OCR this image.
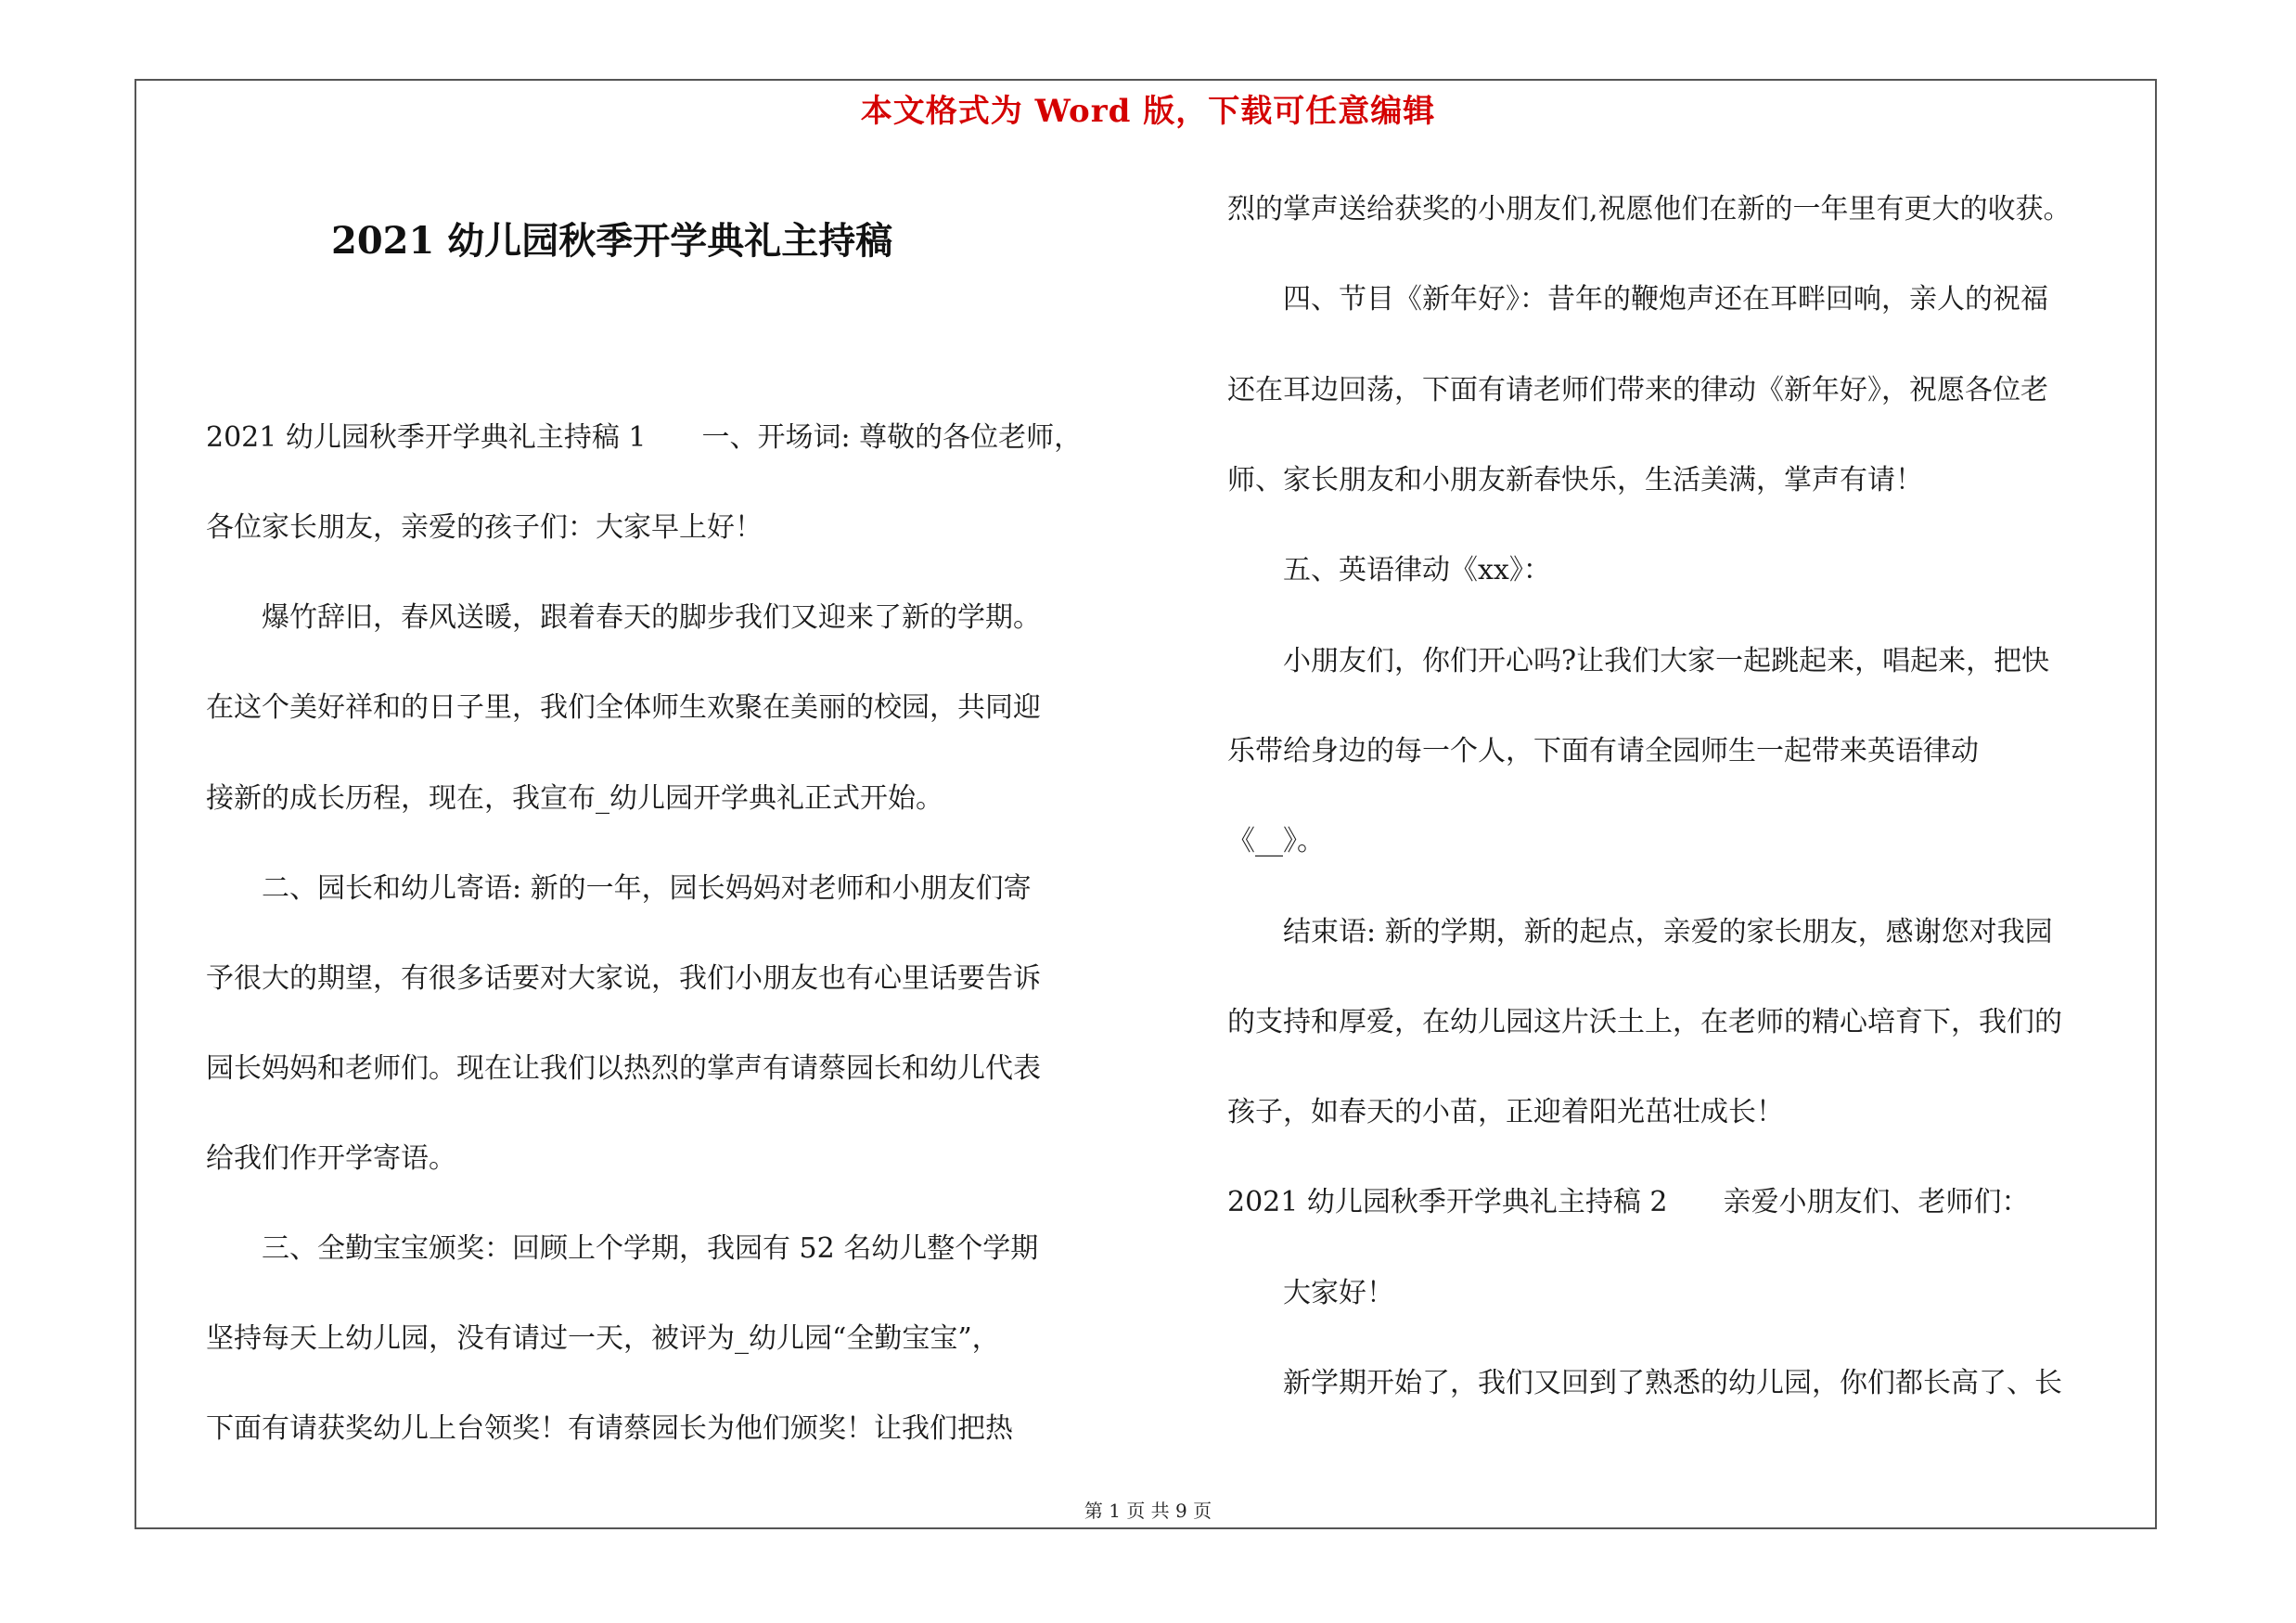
本文格式为 Word 版，下载可任意编辑
2021 幼儿园秋季开学典礼主持稿

2021 幼儿园秋季开学典礼主持稿 1　　一、开场词: 尊敬的各位老师，

各位家长朋友，亲爱的孩子们：大家早上好！

　　爆竹辞旧，春风送暖，跟着春天的脚步我们又迎来了新的学期。

在这个美好祥和的日子里，我们全体师生欢聚在美丽的校园，共同迎

接新的成长历程，现在，我宣布_幼儿园开学典礼正式开始。

　　二、园长和幼儿寄语: 新的一年，园长妈妈对老师和小朋友们寄

予很大的期望，有很多话要对大家说，我们小朋友也有心里话要告诉

园长妈妈和老师们。现在让我们以热烈的掌声有请蔡园长和幼儿代表

给我们作开学寄语。

　　三、全勤宝宝颁奖：回顾上个学期，我园有 52 名幼儿整个学期

坚持每天上幼儿园，没有请过一天，被评为_幼儿园“全勤宝宝”，

下面有请获奖幼儿上台领奖！有请蔡园长为他们颁奖！让我们把热

烈的掌声送给获奖的小朋友们,祝愿他们在新的一年里有更大的收获。

　　四、节目《新年好》：昔年的鞭炮声还在耳畔回响，亲人的祝福

还在耳边回荡，下面有请老师们带来的律动《新年好》，祝愿各位老

师、家长朋友和小朋友新春快乐，生活美满，掌声有请！

　　五、英语律动《xx》：

　　小朋友们，你们开心吗?让我们大家一起跳起来，唱起来，把快

乐带给身边的每一个人，下面有请全园师生一起带来英语律动

《__》。

　　结束语: 新的学期，新的起点，亲爱的家长朋友，感谢您对我园

的支持和厚爱，在幼儿园这片沃土上，在老师的精心培育下，我们的

孩子，如春天的小苗，正迎着阳光茁壮成长！

2021 幼儿园秋季开学典礼主持稿 2　　亲爱小朋友们、老师们：

　　大家好！

　　新学期开始了，我们又回到了熟悉的幼儿园，你们都长高了、长

第 1 页 共 9 页
